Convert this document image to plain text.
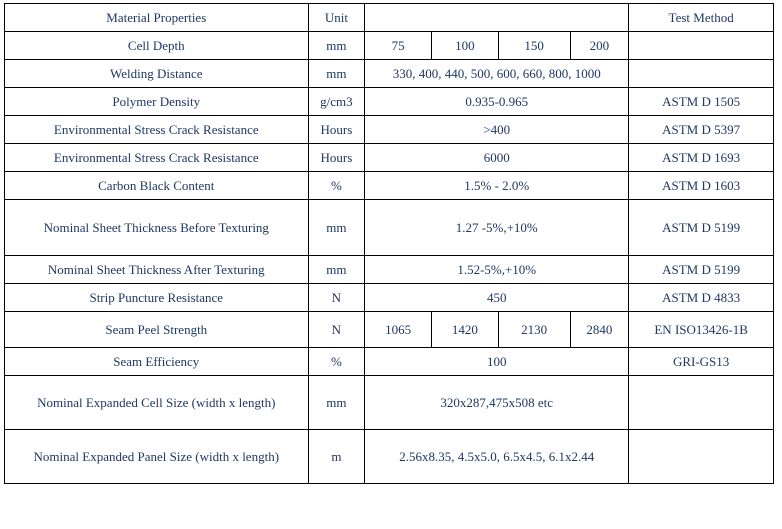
Material Properties	Unit					Test Method
Cell Depth	mm	75	100	150	200	
Welding Distance	mm	330, 400, 440, 500, 600, 660, 800, 1000				
Polymer Density	g/cm3	0.935-0.965				ASTM D 1505
Environmental Stress Crack Resistance	Hours	>400				ASTM D 5397
Environmental Stress Crack Resistance	Hours	6000				ASTM D 1693
Carbon Black Content	%	1.5% - 2.0%				ASTM D 1603
Nominal Sheet Thickness Before Texturing	mm	1.27 -5%,+10%				ASTM D 5199
Nominal Sheet Thickness After Texturing	mm	1.52-5%,+10%				ASTM D 5199
Strip Puncture Resistance	N	450				ASTM D 4833
Seam Peel Strength	N	1065	1420	2130	2840	EN ISO13426-1B
Seam Efficiency	%	100				GRI-GS13
Nominal Expanded Cell Size (width x length)	mm	320x287,475x508 etc				
Nominal Expanded Panel Size (width x length)	m	2.56x8.35, 4.5x5.0, 6.5x4.5, 6.1x2.44				
